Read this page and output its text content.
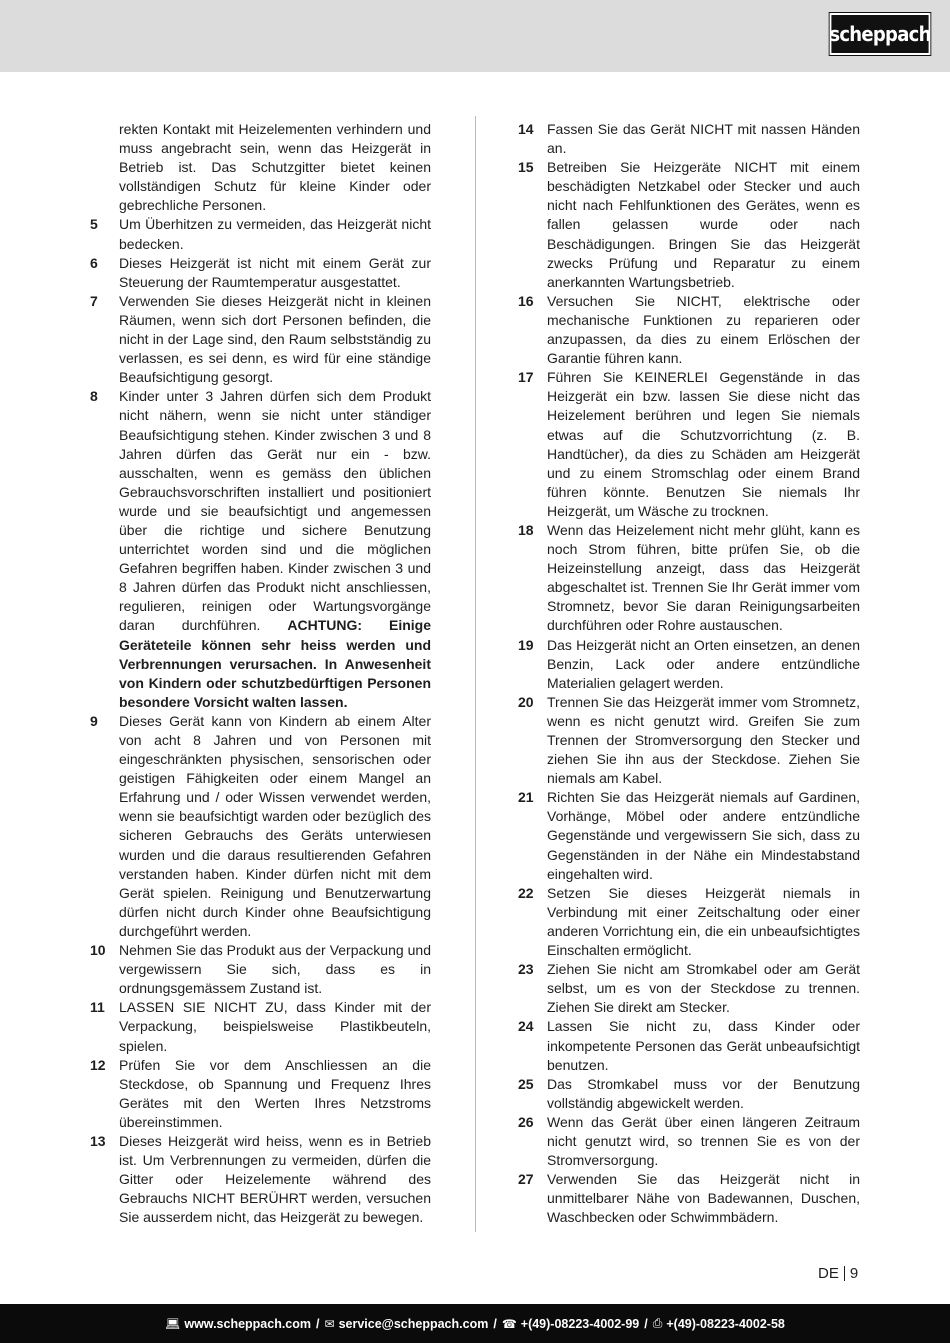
scheppach
rekten Kontakt mit Heizelementen verhindern und muss angebracht sein, wenn das Heizgerät in Betrieb ist. Das Schutzgitter bietet keinen vollständigen Schutz für kleine Kinder oder gebrechliche Personen.
5	Um Überhitzen zu vermeiden, das Heizgerät nicht bedecken.
6	Dieses Heizgerät ist nicht mit einem Gerät zur Steuerung der Raumtemperatur ausgestattet.
7	Verwenden Sie dieses Heizgerät nicht in kleinen Räumen, wenn sich dort Personen befinden, die nicht in der Lage sind, den Raum selbstständig zu verlassen, es sei denn, es wird für eine ständige Beaufsichtigung gesorgt.
8	Kinder unter 3 Jahren dürfen sich dem Produkt nicht nähern, wenn sie nicht unter ständiger Beaufsichtigung stehen. Kinder zwischen 3 und 8 Jahren dürfen das Gerät nur ein - bzw. ausschalten, wenn es gemäss den üblichen Gebrauchsvorschriften installiert und positioniert wurde und sie beaufsichtigt und angemessen über die richtige und sichere Benutzung unterrichtet worden sind und die möglichen Gefahren begriffen haben. Kinder zwischen 3 und 8 Jahren dürfen das Produkt nicht anschliessen, regulieren, reinigen oder Wartungsvorgänge daran durchführen. ACHTUNG: Einige Geräteteile können sehr heiss werden und Verbrennungen verursachen. In Anwesenheit von Kindern oder schutzbedürftigen Personen besondere Vorsicht walten lassen.
9	Dieses Gerät kann von Kindern ab einem Alter von acht 8 Jahren und von Personen mit eingeschränkten physischen, sensorischen oder geistigen Fähigkeiten oder einem Mangel an Erfahrung und / oder Wissen verwendet werden, wenn sie beaufsichtigt warden oder bezüglich des sicheren Gebrauchs des Geräts unterwiesen wurden und die daraus resultierenden Gefahren verstanden haben. Kinder dürfen nicht mit dem Gerät spielen. Reinigung und Benutzerwartung dürfen nicht durch Kinder ohne Beaufsichtigung durchgeführt werden.
10 Nehmen Sie das Produkt aus der Verpackung und vergewissern Sie sich, dass es in ordnungsgemässem Zustand ist.
11	LASSEN SIE NICHT ZU, dass Kinder mit der Verpackung, beispielsweise Plastikbeuteln, spielen.
12 Prüfen Sie vor dem Anschliessen an die Steckdose, ob Spannung und Frequenz Ihres Gerätes mit den Werten Ihres Netzstroms übereinstimmen.
13 Dieses Heizgerät wird heiss, wenn es in Betrieb ist. Um Verbrennungen zu vermeiden, dürfen die Gitter oder Heizelemente während des Gebrauchs NICHT BERÜHRT werden, versuchen Sie ausserdem nicht, das Heizgerät zu bewegen.
14 Fassen Sie das Gerät NICHT mit nassen Händen an.
15 Betreiben Sie Heizgeräte NICHT mit einem beschädigten Netzkabel oder Stecker und auch nicht nach Fehlfunktionen des Gerätes, wenn es fallen gelassen wurde oder nach Beschädigungen. Bringen Sie das Heizgerät zwecks Prüfung und Reparatur zu einem anerkannten Wartungsbetrieb.
16 Versuchen Sie NICHT, elektrische oder mechanische Funktionen zu reparieren oder anzupassen, da dies zu einem Erlöschen der Garantie führen kann.
17 Führen Sie KEINERLEI Gegenstände in das Heizgerät ein bzw. lassen Sie diese nicht das Heizelement berühren und legen Sie niemals etwas auf die Schutzvorrichtung (z. B. Handtücher), da dies zu Schäden am Heizgerät und zu einem Stromschlag oder einem Brand führen könnte. Benutzen Sie niemals Ihr Heizgerät, um Wäsche zu trocknen.
18 Wenn das Heizelement nicht mehr glüht, kann es noch Strom führen, bitte prüfen Sie, ob die Heizeinstellung anzeigt, dass das Heizgerät abgeschaltet ist. Trennen Sie Ihr Gerät immer vom Stromnetz, bevor Sie daran Reinigungsarbeiten durchführen oder Rohre austauschen.
19 Das Heizgerät nicht an Orten einsetzen, an denen Benzin, Lack oder andere entzündliche Materialien gelagert werden.
20 Trennen Sie das Heizgerät immer vom Stromnetz, wenn es nicht genutzt wird. Greifen Sie zum Trennen der Stromversorgung den Stecker und ziehen Sie ihn aus der Steckdose. Ziehen Sie niemals am Kabel.
21 Richten Sie das Heizgerät niemals auf Gardinen, Vorhänge, Möbel oder andere entzündliche Gegenstände und vergewissern Sie sich, dass zu Gegenständen in der Nähe ein Mindestabstand eingehalten wird.
22 Setzen Sie dieses Heizgerät niemals in Verbindung mit einer Zeitschaltung oder einer anderen Vorrichtung ein, die ein unbeaufsichtigtes Einschalten ermöglicht.
23 Ziehen Sie nicht am Stromkabel oder am Gerät selbst, um es von der Steckdose zu trennen. Ziehen Sie direkt am Stecker.
24 Lassen Sie nicht zu, dass Kinder oder inkompetente Personen das Gerät unbeaufsichtigt benutzen.
25 Das Stromkabel muss vor der Benutzung vollständig abgewickelt werden.
26 Wenn das Gerät über einen längeren Zeitraum nicht genutzt wird, so trennen Sie es von der Stromversorgung.
27 Verwenden Sie das Heizgerät nicht in unmittelbarer Nähe von Badewannen, Duschen, Waschbecken oder Schwimmbädern.
DE 9
💻︎ www.scheppach.com / ✉︎ service@scheppach.com / ☎︎ +(49)-08223-4002-99 / ⎙ +(49)-08223-4002-58
